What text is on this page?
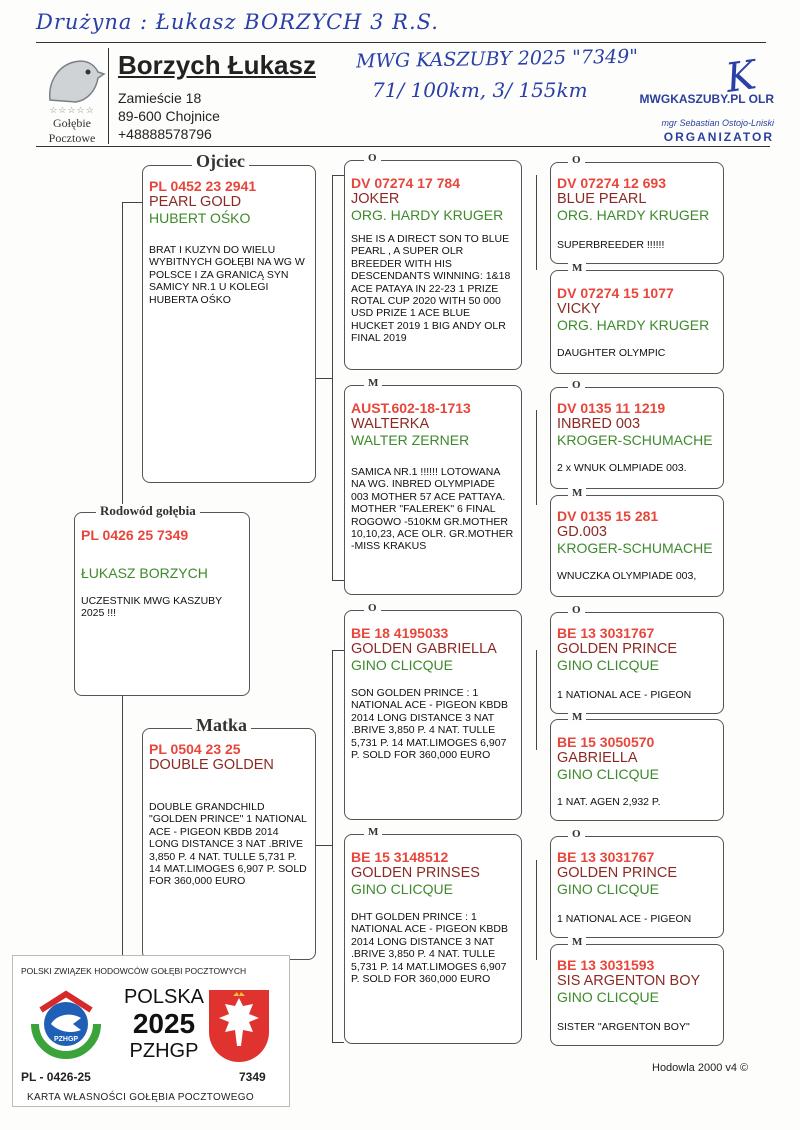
Drużyna : Łukasz BORZYCH 3 R.S.
MWG KASZUBY 2025 "7349"
71/ 100km, 3/ 155km	K
MWGKASZUBY.PL OLR
mgr Sebastian Ostojo-Lniski
ORGANIZATOR
☆☆☆☆☆
Gołębie
Pocztowe
Borzych Łukasz
Zamieście 18
89-600 Chojnice
+48888578796
PL 0426 25 7349
ŁUKASZ BORZYCH
UCZESTNIK MWG KASZUBY 2025 !!!
Rodowód gołębia
PL 0452 23 2941
PEARL GOLD
HUBERT OŚKO
BRAT I KUZYN DO WIELU WYBITNYCH GOŁĘBI NA WG W POLSCE I ZA GRANICĄ SYN SAMICY NR.1 U KOLEGI HUBERTA OŚKO
Ojciec
PL 0504 23 25
DOUBLE GOLDEN
DOUBLE GRANDCHILD "GOLDEN PRINCE" 1 NATIONAL ACE - PIGEON KBDB 2014 LONG DISTANCE 3 NAT .BRIVE 3,850 P. 4 NAT. TULLE 5,731 P. 14 MAT.LIMOGES 6,907 P. SOLD FOR 360,000 EURO
Matka
DV 07274 17 784
JOKER
ORG. HARDY KRUGER
SHE IS A DIRECT SON TO BLUE PEARL , A SUPER OLR BREEDER WITH HIS DESCENDANTS WINNING: 1&18 ACE PATAYA IN 22-23 1 PRIZE ROTAL CUP 2020 WITH 50 000 USD PRIZE 1 ACE BLUE HUCKET 2019 1 BIG ANDY OLR FINAL 2019
O
AUST.602-18-1713
WALTERKA
WALTER ZERNER
SAMICA NR.1 !!!!!! LOTOWANA NA WG. INBRED OLYMPIADE 003 MOTHER 57 ACE PATTAYA. MOTHER "FALEREK" 6 FINAL ROGOWO -510KM GR.MOTHER 10,10,23, ACE OLR. GR.MOTHER -MISS KRAKUS
M
BE 18 4195033
GOLDEN GABRIELLA
GINO CLICQUE
SON GOLDEN PRINCE : 1 NATIONAL ACE - PIGEON KBDB 2014 LONG DISTANCE 3 NAT .BRIVE 3,850 P. 4 NAT. TULLE 5,731 P. 14 MAT.LIMOGES 6,907 P. SOLD FOR 360,000 EURO
O
BE 15 3148512
GOLDEN PRINSES
GINO CLICQUE
DHT GOLDEN PRINCE : 1 NATIONAL ACE - PIGEON KBDB 2014 LONG DISTANCE 3 NAT .BRIVE 3,850 P. 4 NAT. TULLE 5,731 P. 14 MAT.LIMOGES 6,907 P. SOLD FOR 360,000 EURO
M
DV 07274 12 693
BLUE PEARL
ORG. HARDY KRUGER
SUPERBREEDER !!!!!!
O
DV 07274 15 1077
VICKY
ORG. HARDY KRUGER
DAUGHTER OLYMPIC
M
DV 0135 11 1219
INBRED 003
KROGER-SCHUMACHE
2 x WNUK OLMPIADE 003.
O
DV 0135 15 281
GD.003
KROGER-SCHUMACHE
WNUCZKA OLYMPIADE 003,
M
BE 13 3031767
GOLDEN PRINCE
GINO CLICQUE
1 NATIONAL ACE - PIGEON
O
BE 15 3050570
GABRIELLA
GINO CLICQUE
1 NAT. AGEN 2,932 P.
M
BE 13 3031767
GOLDEN PRINCE
GINO CLICQUE
1 NATIONAL ACE - PIGEON
O
BE 13 3031593
SIS ARGENTON BOY
GINO CLICQUE
SISTER "ARGENTON BOY"
M
POLSKI ZWIĄZEK HODOWCÓW GOŁĘBI POCZTOWYCH
PZHGP
POLSKA
2025
PZHGP
PL - 0426-25	7349
KARTA WŁASNOŚCI GOŁĘBIA POCZTOWEGO
Hodowla 2000 v4 ©
